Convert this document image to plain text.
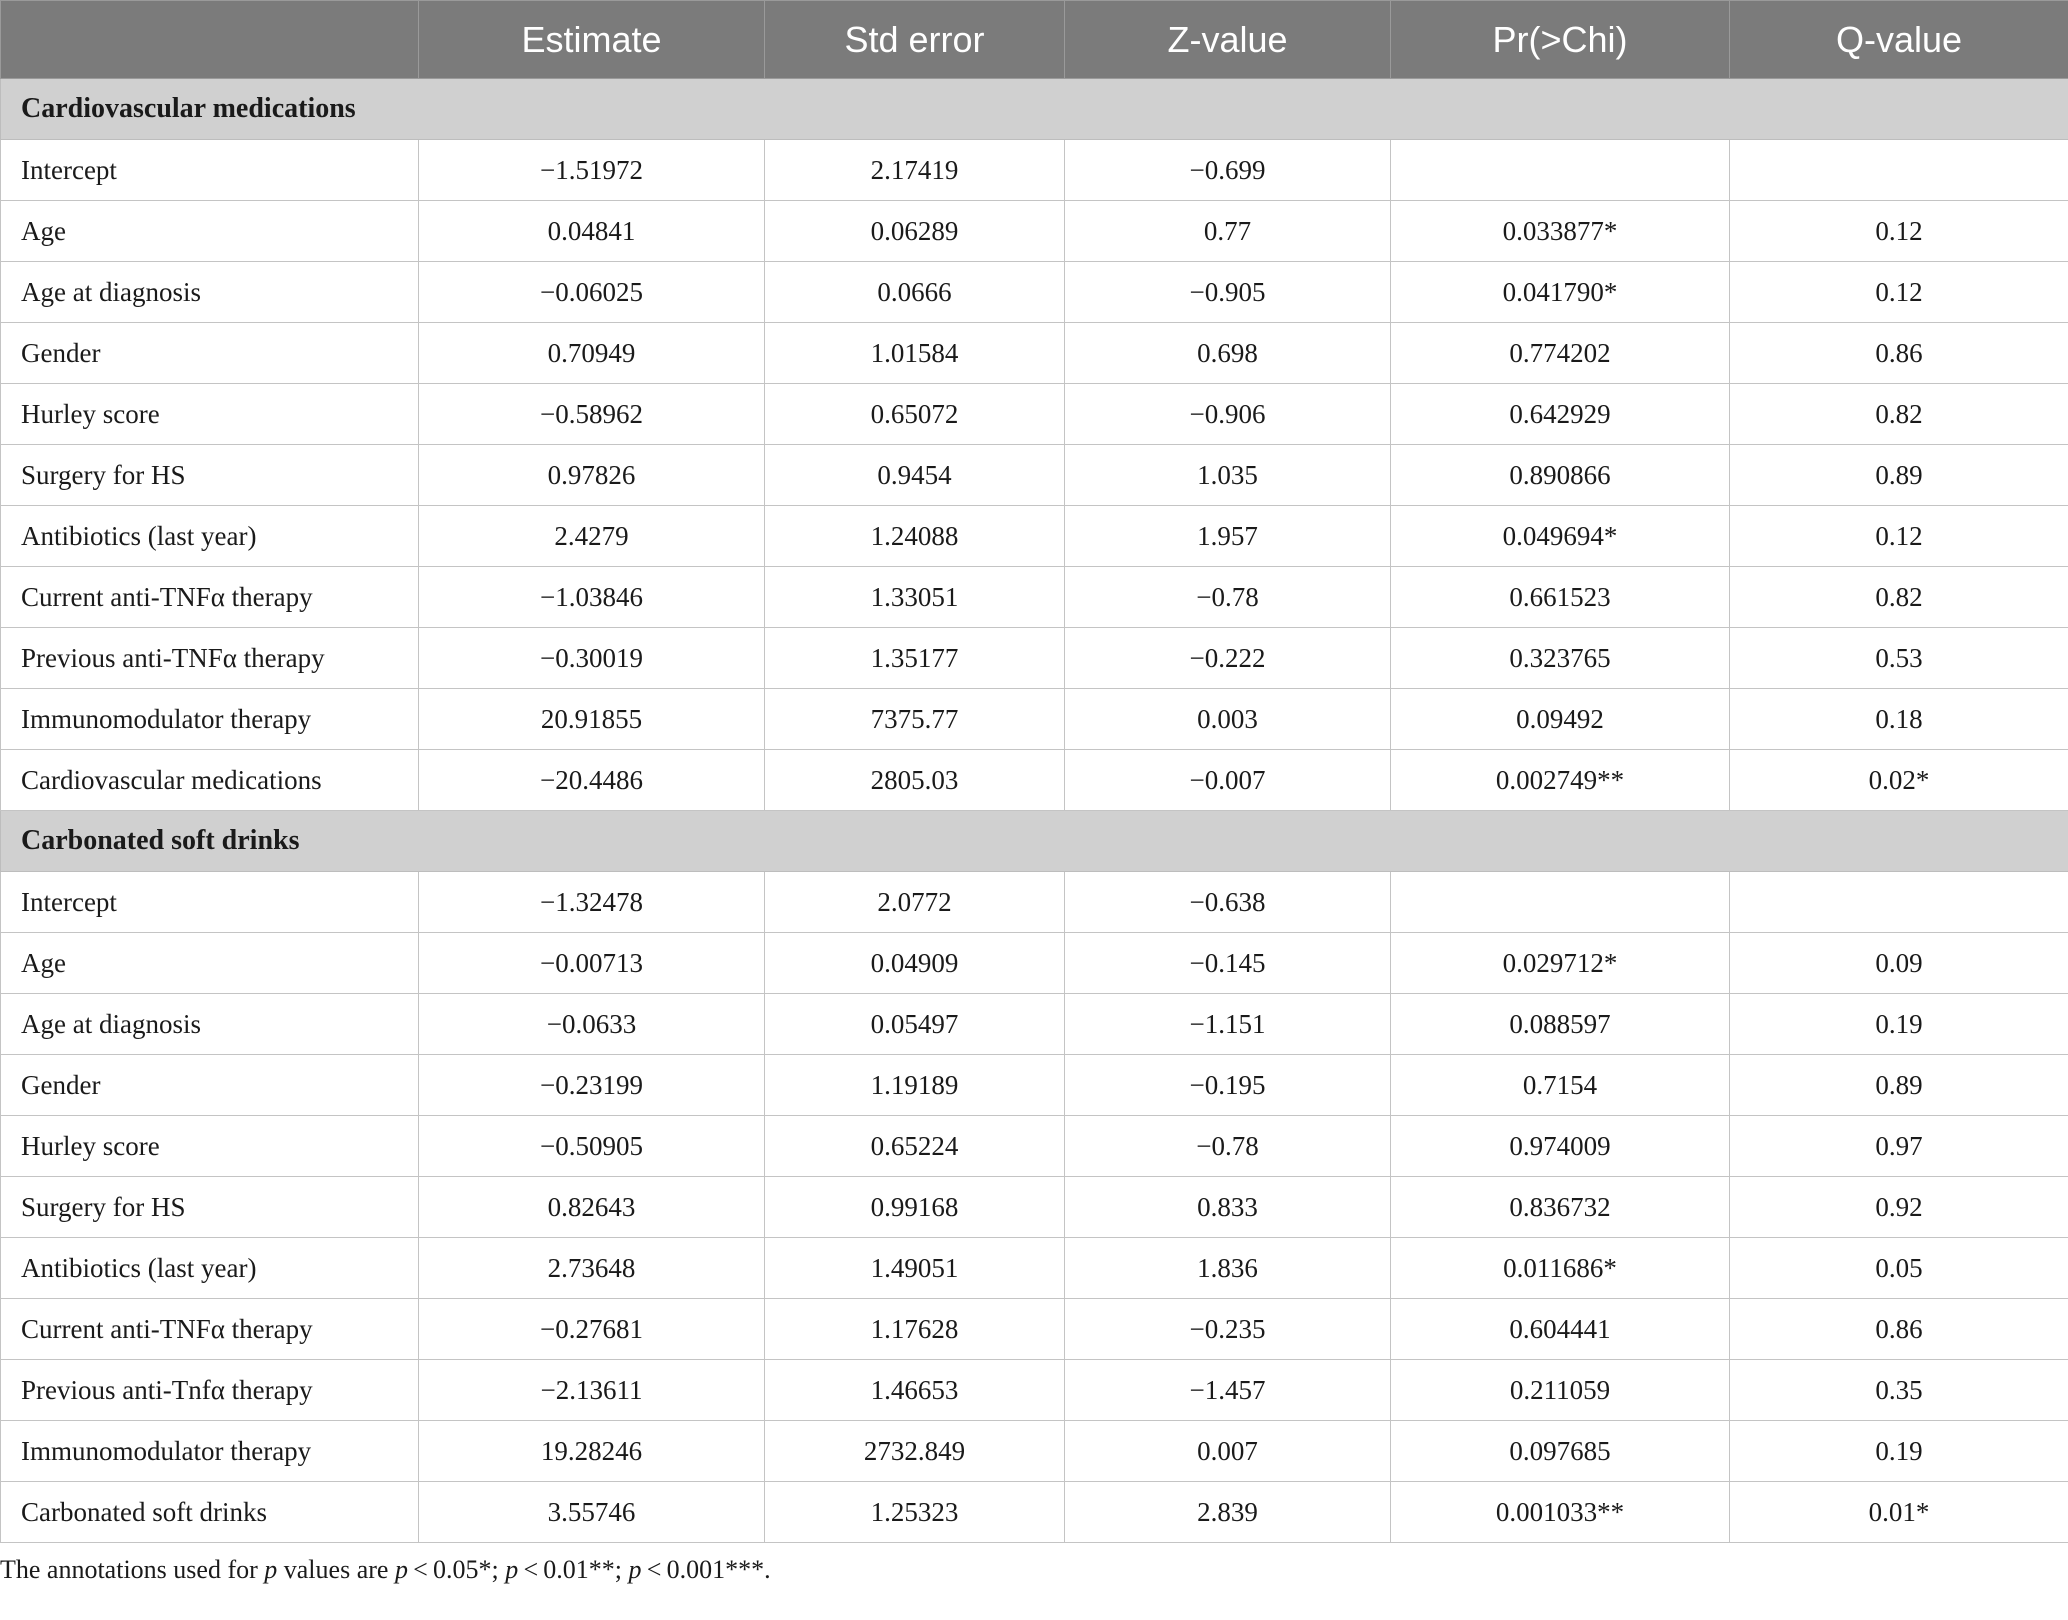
	Estimate	Std error	Z-value	Pr(>Chi)	Q-value
Cardiovascular medications					
Intercept	−1.51972	2.17419	−0.699		
Age	0.04841	0.06289	0.77	0.033877*	0.12
Age at diagnosis	−0.06025	0.0666	−0.905	0.041790*	0.12
Gender	0.70949	1.01584	0.698	0.774202	0.86
Hurley score	−0.58962	0.65072	−0.906	0.642929	0.82
Surgery for HS	0.97826	0.9454	1.035	0.890866	0.89
Antibiotics (last year)	2.4279	1.24088	1.957	0.049694*	0.12
Current anti-TNFα therapy	−1.03846	1.33051	−0.78	0.661523	0.82
Previous anti-TNFα therapy	−0.30019	1.35177	−0.222	0.323765	0.53
Immunomodulator therapy	20.91855	7375.77	0.003	0.09492	0.18
Cardiovascular medications	−20.4486	2805.03	−0.007	0.002749**	0.02*
Carbonated soft drinks					
Intercept	−1.32478	2.0772	−0.638		
Age	−0.00713	0.04909	−0.145	0.029712*	0.09
Age at diagnosis	−0.0633	0.05497	−1.151	0.088597	0.19
Gender	−0.23199	1.19189	−0.195	0.7154	0.89
Hurley score	−0.50905	0.65224	−0.78	0.974009	0.97
Surgery for HS	0.82643	0.99168	0.833	0.836732	0.92
Antibiotics (last year)	2.73648	1.49051	1.836	0.011686*	0.05
Current anti-TNFα therapy	−0.27681	1.17628	−0.235	0.604441	0.86
Previous anti-Tnfα therapy	−2.13611	1.46653	−1.457	0.211059	0.35
Immunomodulator therapy	19.28246	2732.849	0.007	0.097685	0.19
Carbonated soft drinks	3.55746	1.25323	2.839	0.001033**	0.01*
The annotations used for p values are p < 0.05*; p < 0.01**; p < 0.001***.
